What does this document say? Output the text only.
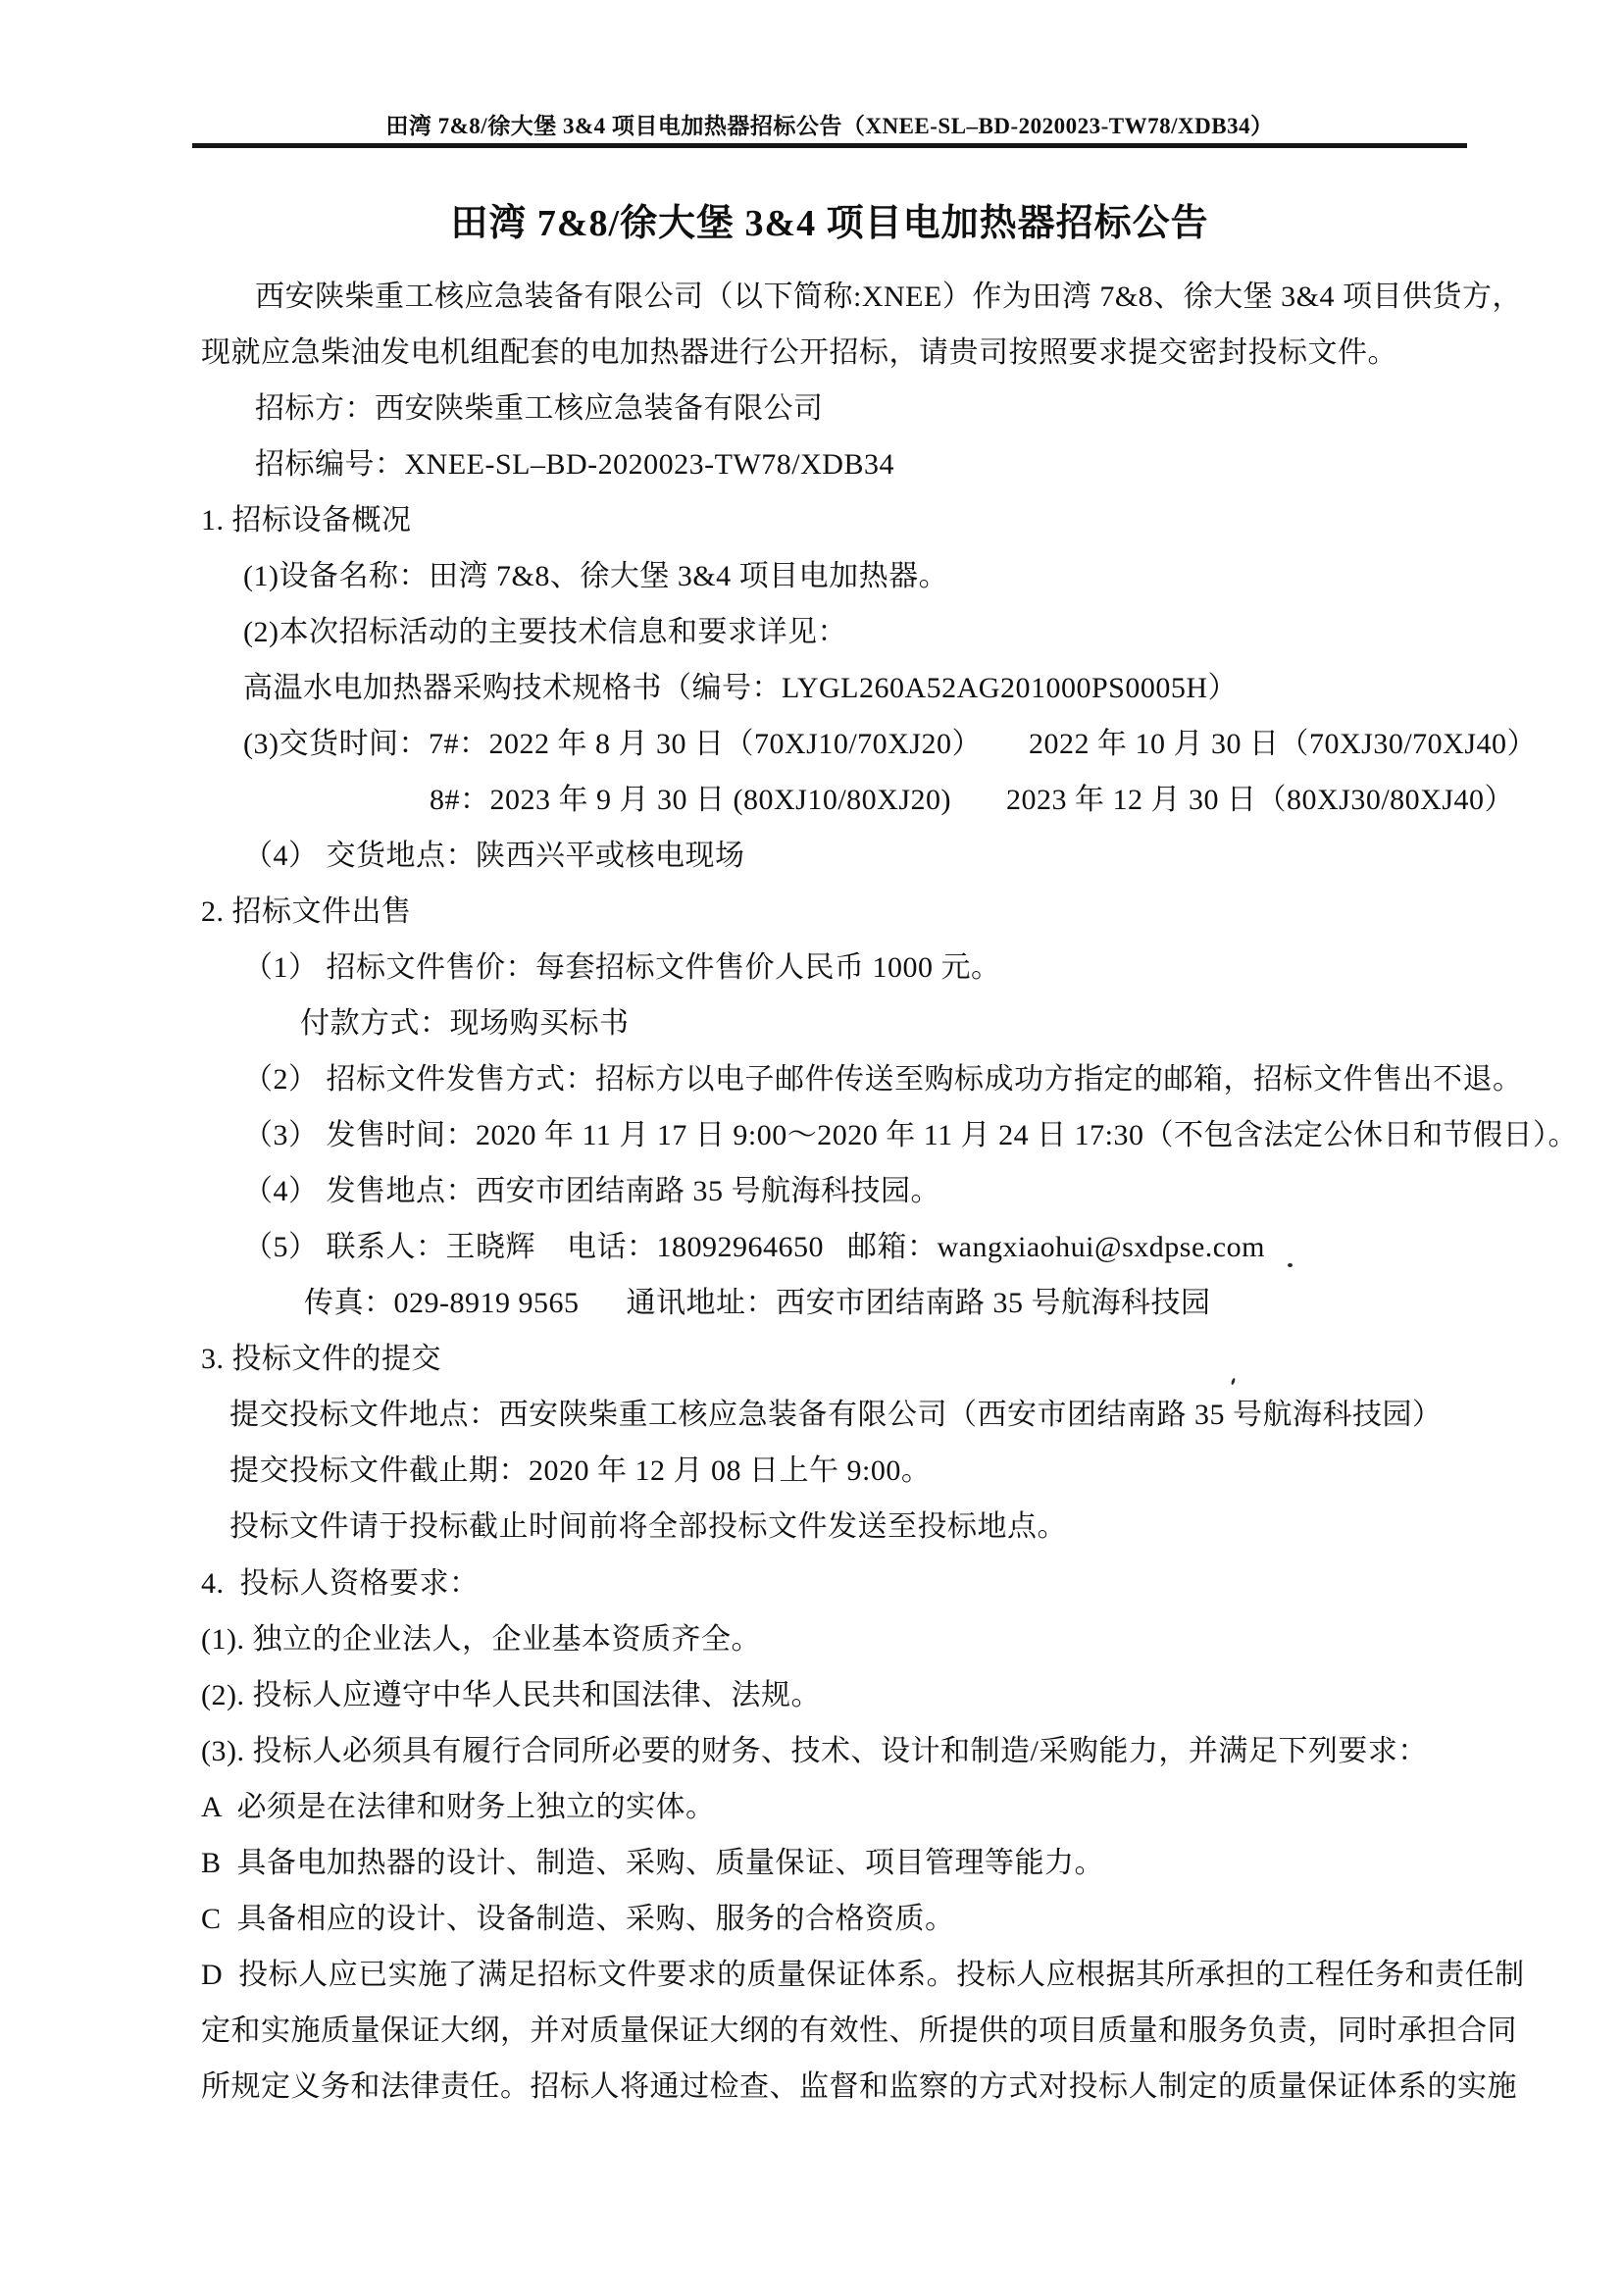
田湾 7&8/徐大堡 3&4 项目电加热器招标公告（XNEE-SL–BD-2020023-TW78/XDB34）
田湾 7&8/徐大堡 3&4 项目电加热器招标公告
西安陕柴重工核应急装备有限公司（以下简称:XNEE）作为田湾 7&8、徐大堡 3&4 项目供货方，
现就应急柴油发电机组配套的电加热器进行公开招标，请贵司按照要求提交密封投标文件。
招标方：西安陕柴重工核应急装备有限公司
招标编号：XNEE-SL–BD-2020023-TW78/XDB34
1. 招标设备概况
(1)设备名称：田湾 7&8、徐大堡 3&4 项目电加热器。
(2)本次招标活动的主要技术信息和要求详见：
高温水电加热器采购技术规格书（编号：LYGL260A52AG201000PS0005H）
(3)交货时间：7#：2022 年 8 月 30 日（70XJ10/70XJ20）      2022 年 10 月 30 日（70XJ30/70XJ40）
8#：2023 年 9 月 30 日 (80XJ10/80XJ20)       2023 年 12 月 30 日（80XJ30/80XJ40）
（4） 交货地点：陕西兴平或核电现场
2. 招标文件出售
（1） 招标文件售价：每套招标文件售价人民币 1000 元。
付款方式：现场购买标书
（2） 招标文件发售方式：招标方以电子邮件传送至购标成功方指定的邮箱，招标文件售出不退。
（3） 发售时间：2020 年 11 月 17 日 9:00～2020 年 11 月 24 日 17:30（不包含法定公休日和节假日）。
（4） 发售地点：西安市团结南路 35 号航海科技园。
（5） 联系人：王晓辉    电话：18092964650   邮箱：wangxiaohui@sxdpse.com
传真：029-8919 9565      通讯地址：西安市团结南路 35 号航海科技园
3. 投标文件的提交
提交投标文件地点：西安陕柴重工核应急装备有限公司（西安市团结南路 35 号航海科技园）
提交投标文件截止期：2020 年 12 月 08 日上午 9:00。
投标文件请于投标截止时间前将全部投标文件发送至投标地点。
4.  投标人资格要求：
(1). 独立的企业法人，企业基本资质齐全。
(2). 投标人应遵守中华人民共和国法律、法规。
(3). 投标人必须具有履行合同所必要的财务、技术、设计和制造/采购能力，并满足下列要求：
A  必须是在法律和财务上独立的实体。
B  具备电加热器的设计、制造、采购、质量保证、项目管理等能力。
C  具备相应的设计、设备制造、采购、服务的合格资质。
D  投标人应已实施了满足招标文件要求的质量保证体系。投标人应根据其所承担的工程任务和责任制
定和实施质量保证大纲，并对质量保证大纲的有效性、所提供的项目质量和服务负责，同时承担合同
所规定义务和法律责任。招标人将通过检查、监督和监察的方式对投标人制定的质量保证体系的实施
